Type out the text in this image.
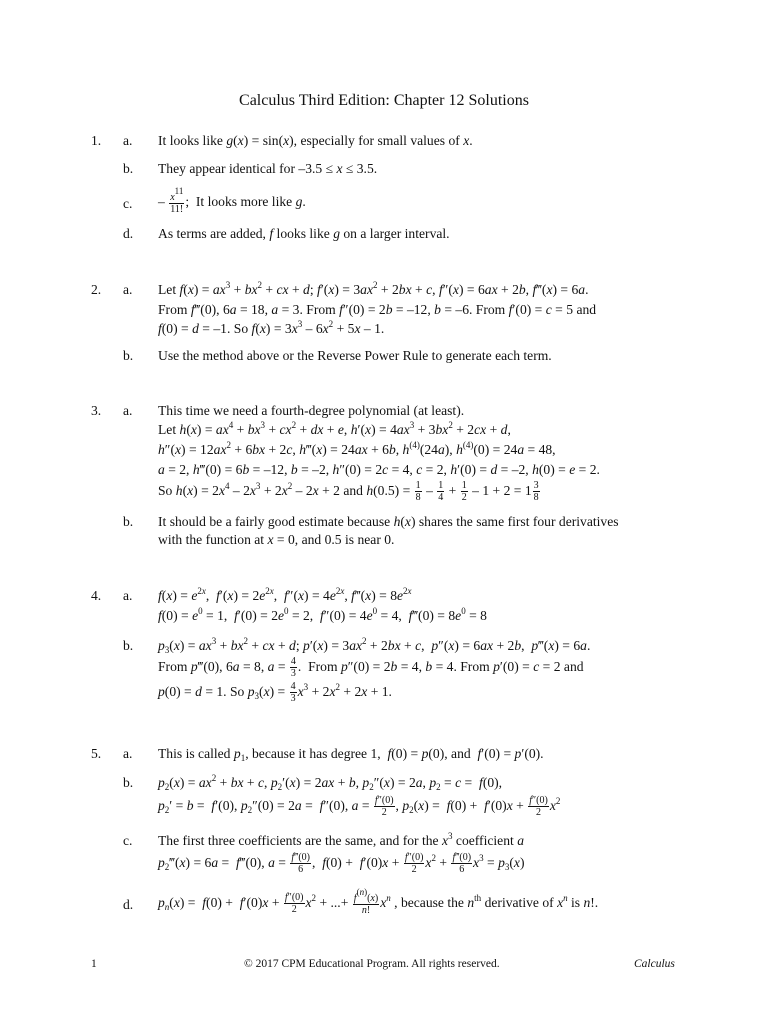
Calculus Third Edition: Chapter 12 Solutions
1. a. It looks like g(x) = sin(x), especially for small values of x.
b. They appear identical for –3.5 ≤ x ≤ 3.5.
c. – $\frac{x^{11}}{11!}$ ;  It looks more like g.
d. As terms are added, f looks like g on a larger interval.
2. a. Let $f(x) = ax^3 + bx^2$ + cx + d; $f'(x) = 3ax^2 + 2bx + c$, f″(x) = 6ax + 2b, f‴(x) = 6a.
From f‴(0), 6a = 18, a = 3. From f″(0) = 2b = –12, b = –6. From f′(0) = c = 5 and
f(0) = d = –1. So $f(x) = 3x^3 - 6x^2 + 5x - 1$.
b. Use the method above or the Reverse Power Rule to generate each term.
3. a. This time we need a fourth-degree polynomial (at least).
Let $h(x) = ax^4 + bx^3 + cx^2$ + dx + e, $h'(x) = 4ax^3 + 3bx^2 + 2cx + d$,
$h''(x) = 12ax^2 + 6bx + 2c$, h‴(x) = 24ax + 6b, $h^{(4)}(24a)$, $h^{(4)}(0) = 24a = 48$,
a = 2, h‴(0) = 6b = –12, b = –2, h″(0) = 2c = 4, c = 2, h′(0) = d = –2, h(0) = e = 2.
So $h(x) = 2x^4 - 2x^3 + 2x^2 - 2x + 2$ and $h(0.5) = \frac{1}{8} - \frac{1}{4} + \frac{1}{2} - 1 + 2 = 1 \frac{3}{8}$
b. It should be a fairly good estimate because h(x) shares the same first four derivatives
with the function at x = 0, and 0.5 is near 0.
4. a. $f(x) = e^{2x}$,  $f'(x) = 2e^{2x}$,  $f''(x) = 4e^{2x}$, f‴(x) = $8e^{2x}$
$f(0) = e^0 = 1$,  $f'(0) = 2e^0 = 2$,  $f''(0) = 4e^0 = 4$,  f‴(0) = $8e^0 = 8$
b. $p_3(x) = ax^3 + bx^2$ + cx + d; $p'(x) = 3ax^2 + 2bx + c$,  p″(x) = 6ax + 2b,  p‴(x) = 6a.
From p‴(0), 6a = 8, $a = \frac{4}{3}$ .  From p″(0) = 2b = 4, b = 4. From p′(0) = c = 2 and
p(0) = d = 1. So $p_3(x) = \frac{4}{3} x^3 + 2x^2 + 2x + 1$.
5. a. This is called $p_1$, because it has degree 1,  f(0) = p(0), and  f′(0) = p′(0).
b. $p_2(x) = ax^2$ + bx + c, $p_2'(x) = 2ax + b$, $p_2''(x) = 2a$, $p_2 = c = f(0)$,
$p_2' = b = f'(0)$, $p_2''(0) = 2a = f''(0)$, $a = \frac{f''(0)}{2}$ , $p_2(x) = f(0) + f'(0)x + \frac{f''(0)}{2} x^2$
c. The first three coefficients are the same, and for the $x^3$ coefficient a
$p_2‴(x) = 6a$ =  f‴(0), $a = \frac{f‴(0)}{6}$ ,  $f(0) + f'(0)x + \frac{f''(0)}{2} x^2 + \frac{f‴(0)}{6} x^3 = p_3(x)$
d. $p_n(x) = f(0) + f'(0)x + \frac{f''(0)}{2} x^2$ + ...+ $\frac{f^{(n)}(x)}{n!} x^n$ , because the $n^{th}$ derivative of $x^n$ is n!.
1	© 2017 CPM Educational Program. All rights reserved.	Calculus
